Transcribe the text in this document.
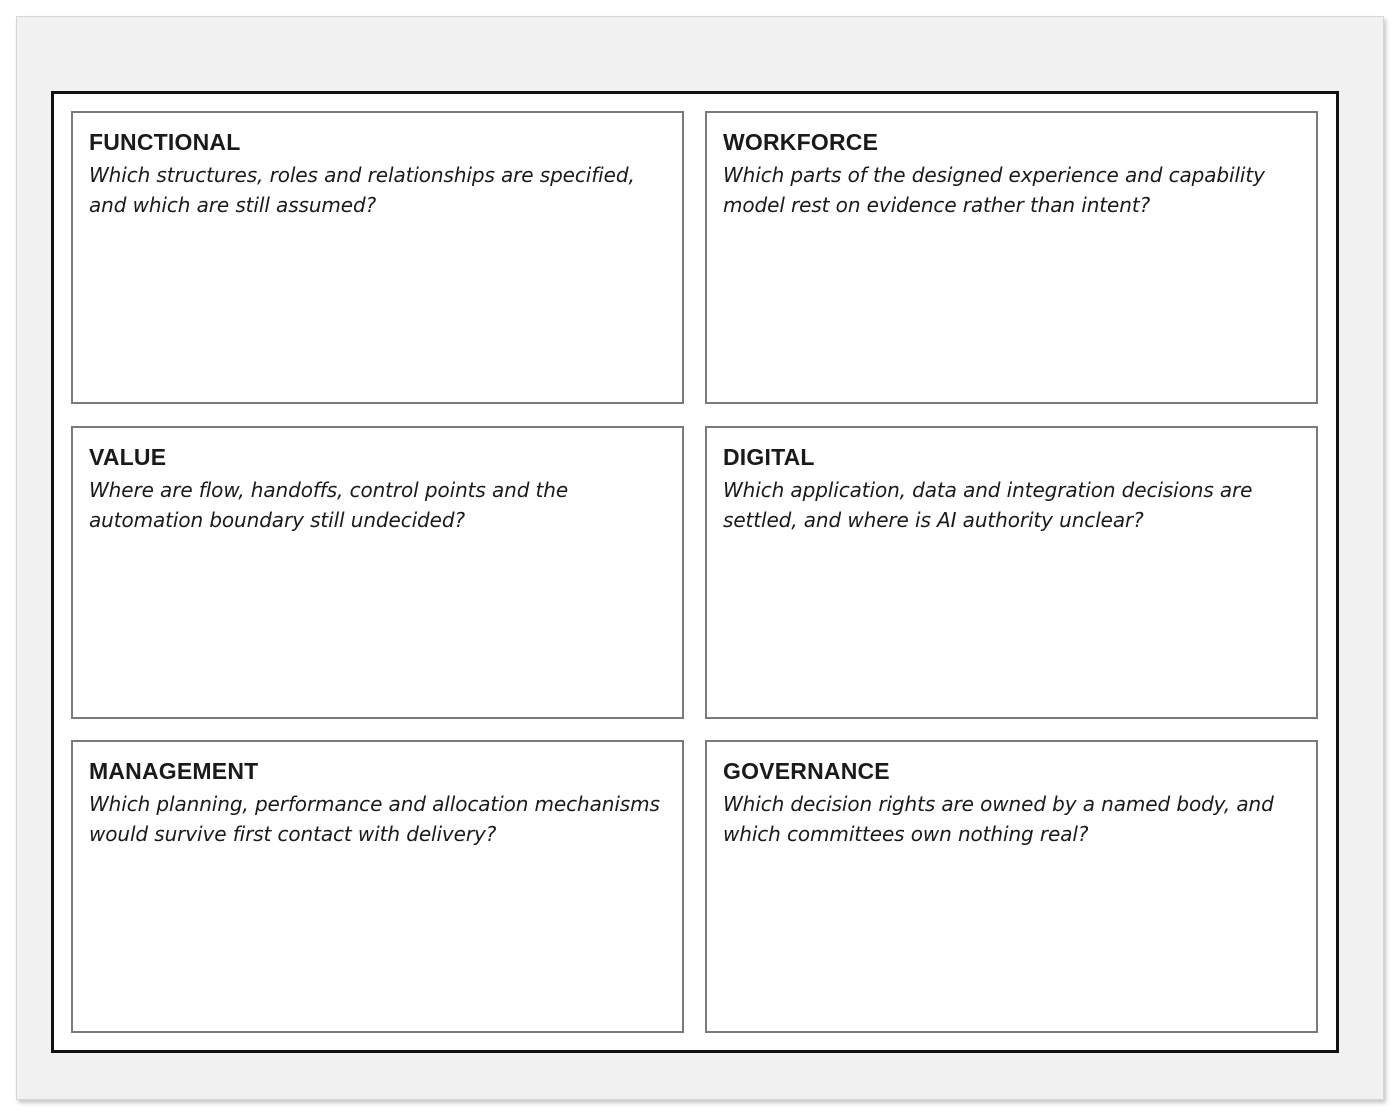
FUNCTIONAL
Which structures, roles and relationships are specified,
and which are still assumed?
WORKFORCE
Which parts of the designed experience and capability
model rest on evidence rather than intent?
VALUE
Where are flow, handoffs, control points and the
automation boundary still undecided?
DIGITAL
Which application, data and integration decisions are
settled, and where is AI authority unclear?
MANAGEMENT
Which planning, performance and allocation mechanisms
would survive first contact with delivery?
GOVERNANCE
Which decision rights are owned by a named body, and
which committees own nothing real?
